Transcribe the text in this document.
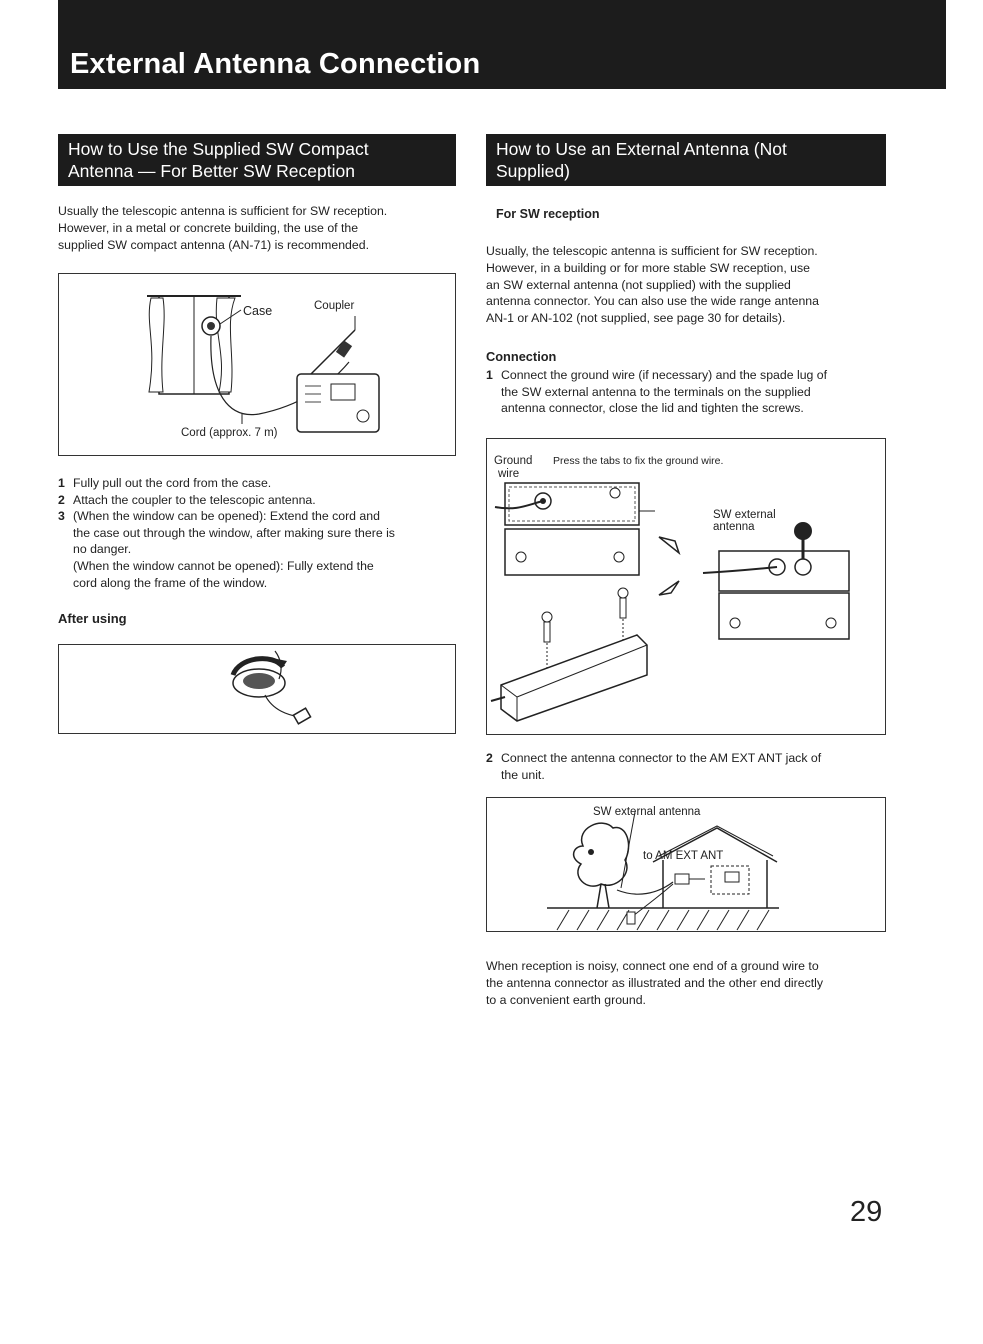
External Antenna Connection
How to Use the Supplied SW Compact
Antenna — For Better SW Reception

Usually the telescopic antenna is sufficient for SW reception.

However, in a metal or concrete building, the use of the

supplied SW compact antenna (AN-71) is recommended.

Case	Coupler
Cord (approx. 7 m)
1 Fully pull out the cord from the case.
2 Attach the coupler to the telescopic antenna.
3 (When the window can be opened): Extend the cord and
the case out through the window, after making sure there is
no danger.
(When the window cannot be opened): Fully extend the
cord along the frame of the window.
After using
How to Use an External Antenna (Not
Supplied)
For SW reception

Usually, the telescopic antenna is sufficient for SW reception.

However, in a building or for more stable SW reception, use

an SW external antenna (not supplied) with the supplied

antenna connector. You can also use the wide range antenna

AN-1 or AN-102 (not supplied, see page 30 for details).

Connection
1 Connect the ground wire (if necessary) and the spade lug of
the SW external antenna to the terminals on the supplied
antenna connector, close the lid and tighten the screws.
Ground
wire
Press the tabs to fix the ground wire.
SW external
antenna
2 Connect the antenna connector to the AM EXT ANT jack of
the unit.
SW external antenna
to AM EXT ANT

When reception is noisy, connect one end of a ground wire to

the antenna connector as illustrated and the other end directly

to a convenient earth ground.

29
